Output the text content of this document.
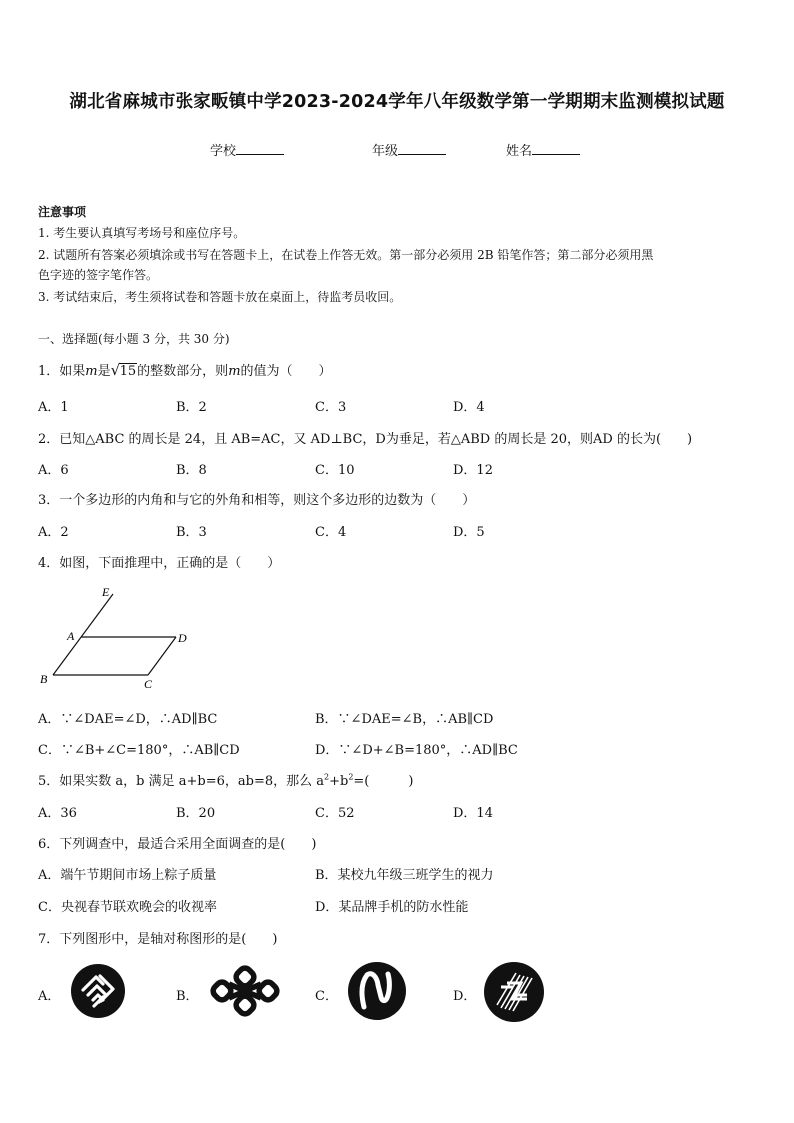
湖北省麻城市张家畈镇中学2023-2024学年八年级数学第一学期期末监测模拟试题
学校	年级	姓名
注意事项
1. 考生要认真填写考场号和座位序号。
2. 试题所有答案必须填涂或书写在答题卡上，在试卷上作答无效。第一部分必须用 2B 铅笔作答；第二部分必须用黑
色字迹的签字笔作答。
3. 考试结束后，考生须将试卷和答题卡放在桌面上，待监考员收回。
一、选择题(每小题 3 分，共 30 分)
1．如果m是 √ 15的整数部分，则m的值为（　　）
A．1	B．2	C．3	D．4
2．已知△ABC 的周长是 24，且 AB=AC，又 AD⊥BC，D为垂足，若△ABD 的周长是 20，则AD 的长为(　　)
A．6	B．8	C．10	D．12
3．一个多边形的内角和与它的外角和相等，则这个多边形的边数为（　　）
A．2	B．3	C．4	D．5
4．如图，下面推理中，正确的是（　　）
E
A	D
B	C
A．∵∠DAE=∠D，∴AD∥BC	B．∵∠DAE=∠B，∴AB∥CD
C．∵∠B+∠C=180°，∴AB∥CD	D．∵∠D+∠B=180°，∴AD∥BC
5．如果实数 a，b 满足 a+b=6，ab=8，那么 $a^2+b^2=$(　　　)
A．36	B．20	C．52	D．14
6．下列调查中，最适合采用全面调查的是(　　)
A．端午节期间市场上粽子质量	B．某校九年级三班学生的视力
C．央视春节联欢晚会的收视率	D．某品牌手机的防水性能
7．下列图形中，是轴对称图形的是(　　)
A．	B．	C．	D．
